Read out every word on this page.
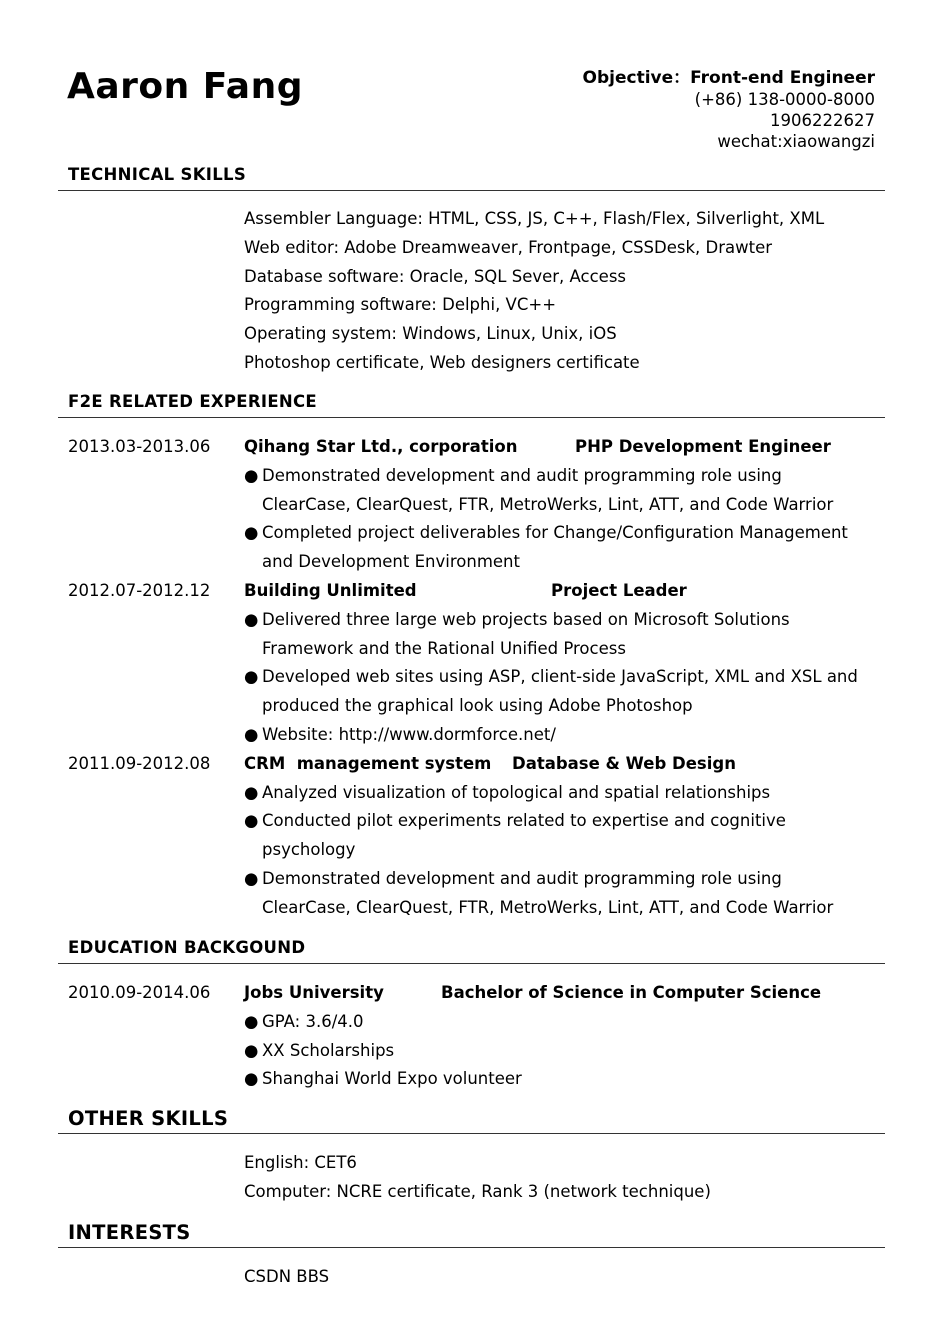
Aaron Fang	Objective：Front-end Engineer
(+86) 138-0000-8000
1906222627
wechat:xiaowangzi
TECHNICAL SKILLS
Assembler Language: HTML, CSS, JS, C++, Flash/Flex, Silverlight, XML
Web editor: Adobe Dreamweaver, Frontpage, CSSDesk, Drawter
Database software: Oracle, SQL Sever, Access
Programming software: Delphi, VC++
Operating system: Windows, Linux, Unix, iOS
Photoshop certificate, Web designers certificate
F2E RELATED EXPERIENCE
2013.03-2013.06 Qihang Star Ltd., corporation	PHP Development Engineer
● Demonstrated development and audit programming role using
ClearCase, ClearQuest, FTR, MetroWerks, Lint, ATT, and Code Warrior
● Completed project deliverables for Change/Configuration Management
and Development Environment
2012.07-2012.12 Building Unlimited	Project Leader
● Delivered three large web projects based on Microsoft Solutions
Framework and the Rational Unified Process
● Developed web sites using ASP, client-side JavaScript, XML and XSL and
produced the graphical look using Adobe Photoshop
● Website: http://www.dormforce.net/
2011.09-2012.08 CRM  management system Database & Web Design
● Analyzed visualization of topological and spatial relationships
● Conducted pilot experiments related to expertise and cognitive
psychology
● Demonstrated development and audit programming role using
ClearCase, ClearQuest, FTR, MetroWerks, Lint, ATT, and Code Warrior
EDUCATION BACKGOUND
2010.09-2014.06 Jobs University	Bachelor of Science in Computer Science
● GPA: 3.6/4.0
● XX Scholarships
● Shanghai World Expo volunteer
OTHER SKILLS
English: CET6
Computer: NCRE certificate, Rank 3 (network technique)
INTERESTS
CSDN BBS
